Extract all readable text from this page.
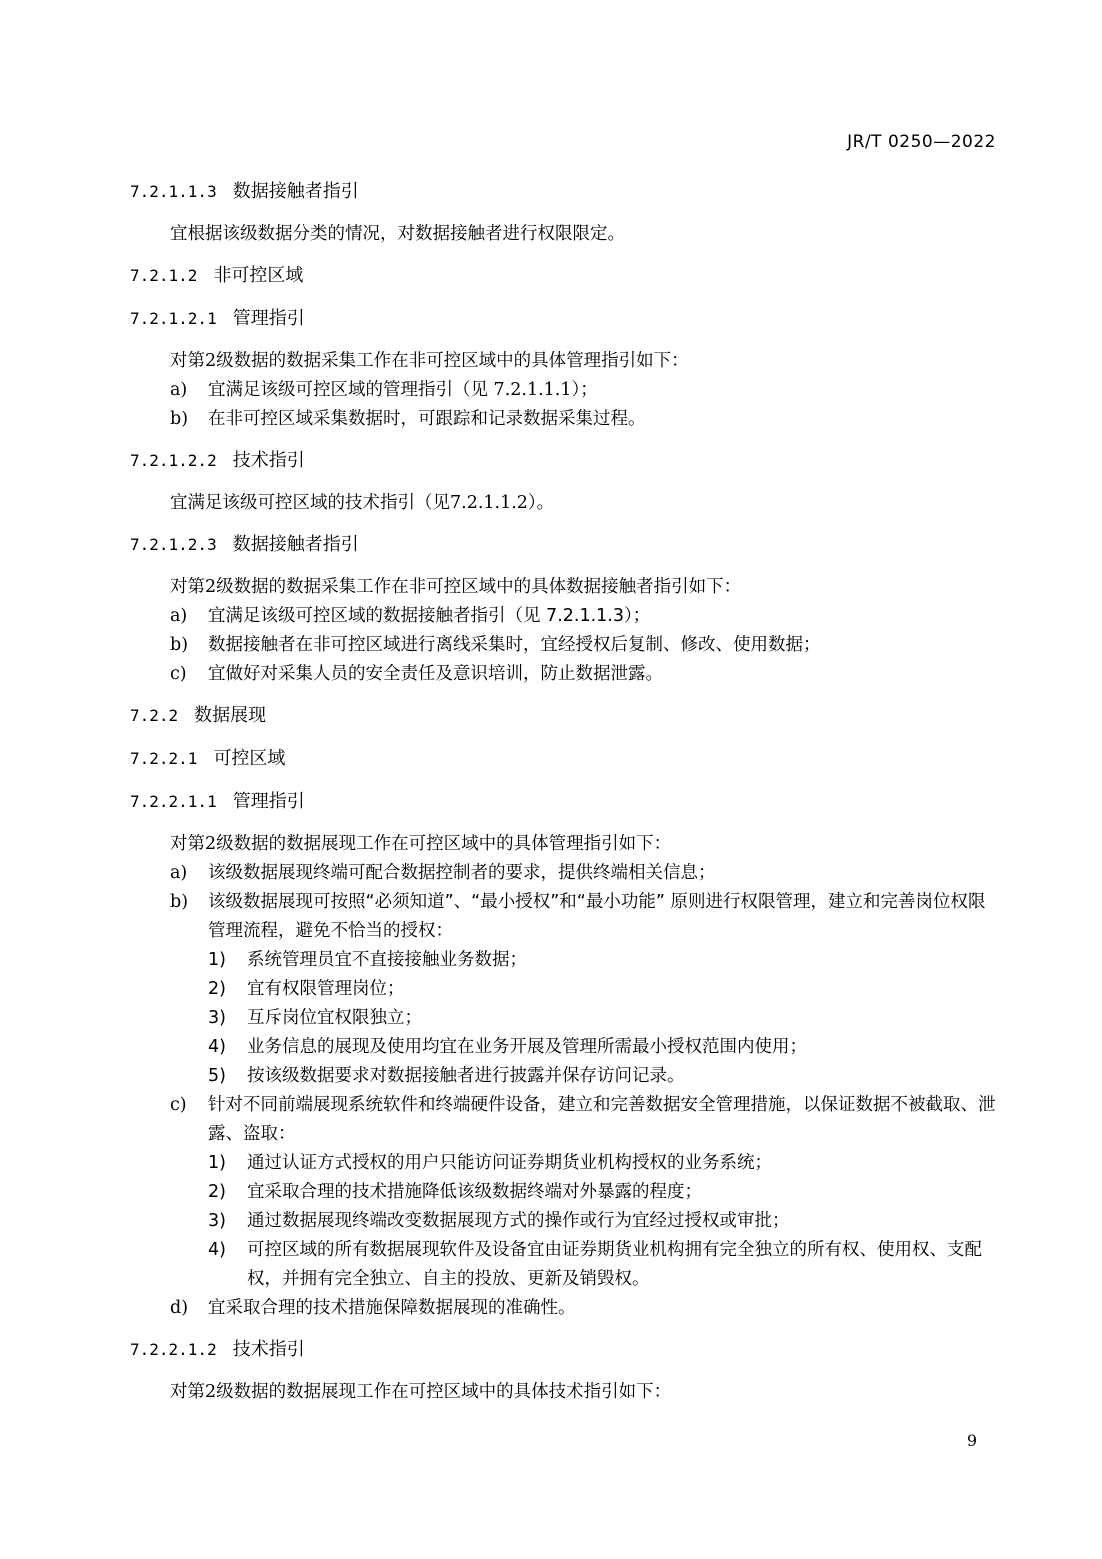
JR/T 0250—2022
7.2.1.1.3 数据接触者指引
宜根据该级数据分类的情况，对数据接触者进行权限限定。
7.2.1.2 非可控区域
7.2.1.2.1 管理指引
对第2级数据的数据采集工作在非可控区域中的具体管理指引如下：
a) 宜满足该级可控区域的管理指引（见 7.2.1.1.1）；
b) 在非可控区域采集数据时，可跟踪和记录数据采集过程。
7.2.1.2.2 技术指引
宜满足该级可控区域的技术指引（见7.2.1.1.2）。
7.2.1.2.3 数据接触者指引
对第2级数据的数据采集工作在非可控区域中的具体数据接触者指引如下：
a) 宜满足该级可控区域的数据接触者指引（见 7.2.1.1.3）；
b) 数据接触者在非可控区域进行离线采集时，宜经授权后复制、修改、使用数据；
c) 宜做好对采集人员的安全责任及意识培训，防止数据泄露。
7.2.2 数据展现
7.2.2.1 可控区域
7.2.2.1.1 管理指引
对第2级数据的数据展现工作在可控区域中的具体管理指引如下：
a) 该级数据展现终端可配合数据控制者的要求，提供终端相关信息；
b) 该级数据展现可按照“必须知道”、“最小授权”和“最小功能” 原则进行权限管理，建立和完善岗位权限管理流程，避免不恰当的授权：
1) 系统管理员宜不直接接触业务数据；
2) 宜有权限管理岗位；
3) 互斥岗位宜权限独立；
4) 业务信息的展现及使用均宜在业务开展及管理所需最小授权范围内使用；
5) 按该级数据要求对数据接触者进行披露并保存访问记录。
c) 针对不同前端展现系统软件和终端硬件设备，建立和完善数据安全管理措施，以保证数据不被截取、泄露、盗取：
1) 通过认证方式授权的用户只能访问证券期货业机构授权的业务系统；
2) 宜采取合理的技术措施降低该级数据终端对外暴露的程度；
3) 通过数据展现终端改变数据展现方式的操作或行为宜经过授权或审批；
4) 可控区域的所有数据展现软件及设备宜由证券期货业机构拥有完全独立的所有权、使用权、支配权，并拥有完全独立、自主的投放、更新及销毁权。
d) 宜采取合理的技术措施保障数据展现的准确性。
7.2.2.1.2 技术指引
对第2级数据的数据展现工作在可控区域中的具体技术指引如下：
9
